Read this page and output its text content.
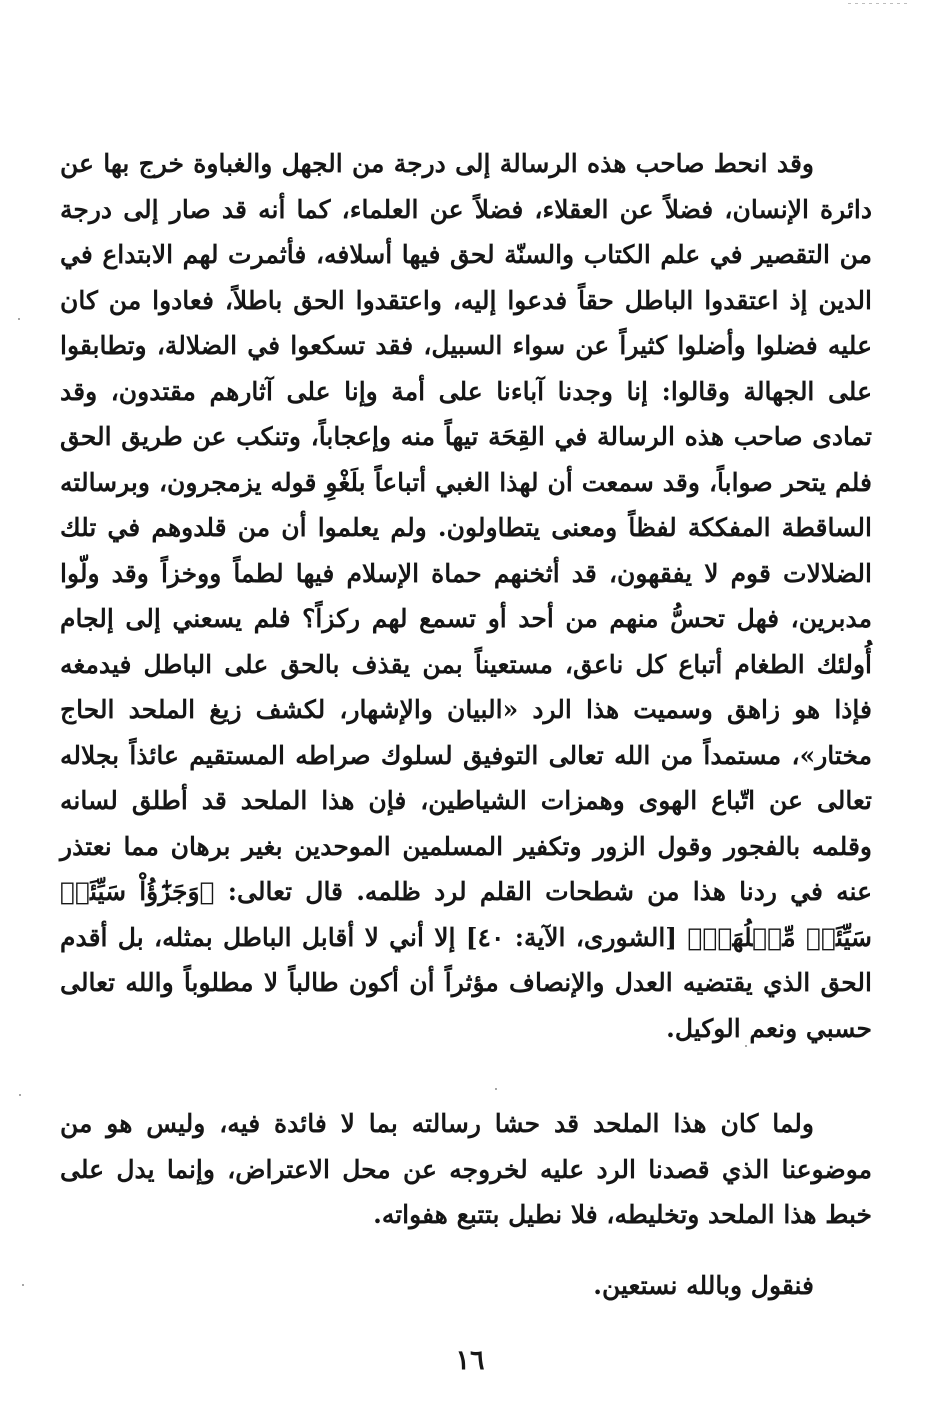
وقد انحط صاحب هذه الرسالة إلى درجة من الجهل والغباوة خرج بها عن دائرة الإنسان، فضلاً عن العقلاء، فضلاً عن العلماء، كما أنه قد صار إلى درجة من التقصير في علم الكتاب والسنّة لحق فيها أسلافه، فأثمرت لهم الابتداع في الدين إذ اعتقدوا الباطل حقاً فدعوا إليه، واعتقدوا الحق باطلاً، فعادوا من كان عليه فضلوا وأضلوا كثيراً عن سواء السبيل، فقد تسكعوا في الضلالة، وتطابقوا على الجهالة وقالوا: إنا وجدنا آباءنا على أمة وإنا على آثارهم مقتدون، وقد تمادى صاحب هذه الرسالة في القِحَة تيهاً منه وإعجاباً، وتنكب عن طريق الحق فلم يتحر صواباً، وقد سمعت أن لهذا الغبي أتباعاً بلَغْوِ قوله يزمجرون، وبرسالته الساقطة المفككة لفظاً ومعنى يتطاولون. ولم يعلموا أن من قلدوهم في تلك الضلالات قوم لا يفقهون، قد أثخنهم حماة الإسلام فيها لطماً ووخزاً وقد ولّوا مدبرين، فهل تحسُّ منهم من أحد أو تسمع لهم ركزاً؟ فلم يسعني إلى إلجام أُولئك الطغام أتباع كل ناعق، مستعيناً بمن يقذف بالحق على الباطل فيدمغه فإذا هو زاهق وسميت هذا الرد «البيان والإشهار، لكشف زيغ الملحد الحاج مختار»، مستمداً من الله تعالى التوفيق لسلوك صراطه المستقيم عائذاً بجلاله تعالى عن اتّباع الهوى وهمزات الشياطين، فإن هذا الملحد قد أطلق لسانه وقلمه بالفجور وقول الزور وتكفير المسلمين الموحدين بغير برهان مما نعتذر عنه في ردنا هذا من شطحات القلم لرد ظلمه. قال تعالى: ﴿وَجَزَٰٓؤُاْ سَيِّئَةٖ سَيِّئَةٞ مِّثۡلُهَاۖ﴾ [الشورى، الآية: ٤٠] إلا أني لا أقابل الباطل بمثله، بل أقدم الحق الذي يقتضيه العدل والإنصاف مؤثراً أن أكون طالباً لا مطلوباً والله تعالى حسبي ونعم الوكيل.

ولما كان هذا الملحد قد حشا رسالته بما لا فائدة فيه، وليس هو من موضوعنا الذي قصدنا الرد عليه لخروجه عن محل الاعتراض، وإنما يدل على خبط هذا الملحد وتخليطه، فلا نطيل بتتبع هفواته.

فنقول وبالله نستعين.

١٦
